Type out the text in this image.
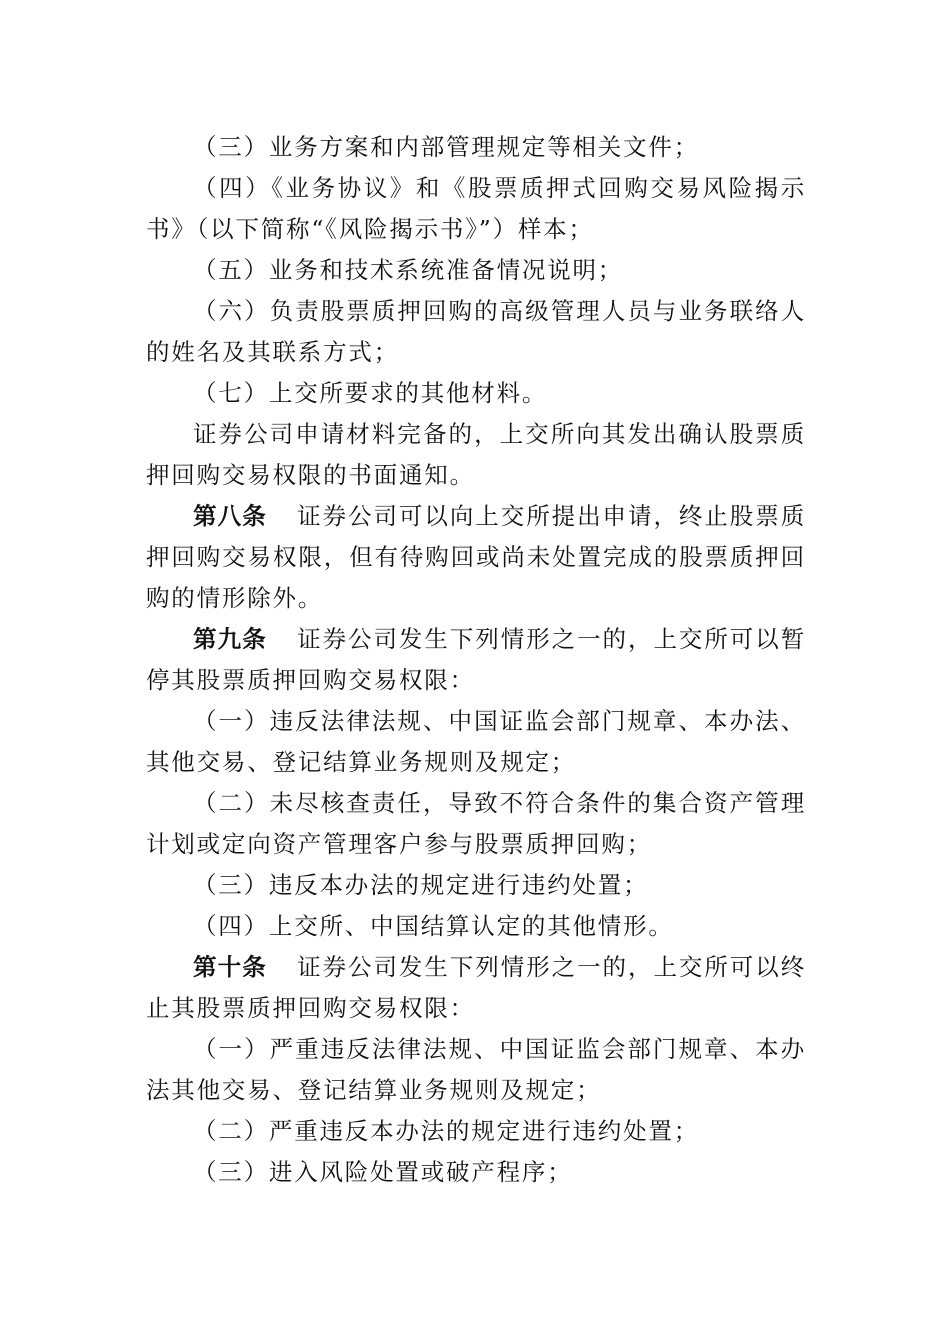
（三）业务方案和内部管理规定等相关文件；

（四）《业务协议》和《股票质押式回购交易风险揭示书》（以下简称“《风险揭示书》”）样本；

（五）业务和技术系统准备情况说明；

（六）负责股票质押回购的高级管理人员与业务联络人的姓名及其联系方式；

（七）上交所要求的其他材料。

证券公司申请材料完备的，上交所向其发出确认股票质押回购交易权限的书面通知。

第八条 证券公司可以向上交所提出申请，终止股票质押回购交易权限，但有待购回或尚未处置完成的股票质押回购的情形除外。

第九条 证券公司发生下列情形之一的，上交所可以暂停其股票质押回购交易权限：

（一）违反法律法规、中国证监会部门规章、本办法、其他交易、登记结算业务规则及规定；

（二）未尽核查责任，导致不符合条件的集合资产管理计划或定向资产管理客户参与股票质押回购；

（三）违反本办法的规定进行违约处置；

（四）上交所、中国结算认定的其他情形。

第十条 证券公司发生下列情形之一的，上交所可以终止其股票质押回购交易权限：

（一）严重违反法律法规、中国证监会部门规章、本办法其他交易、登记结算业务规则及规定；

（二）严重违反本办法的规定进行违约处置；

（三）进入风险处置或破产程序；
